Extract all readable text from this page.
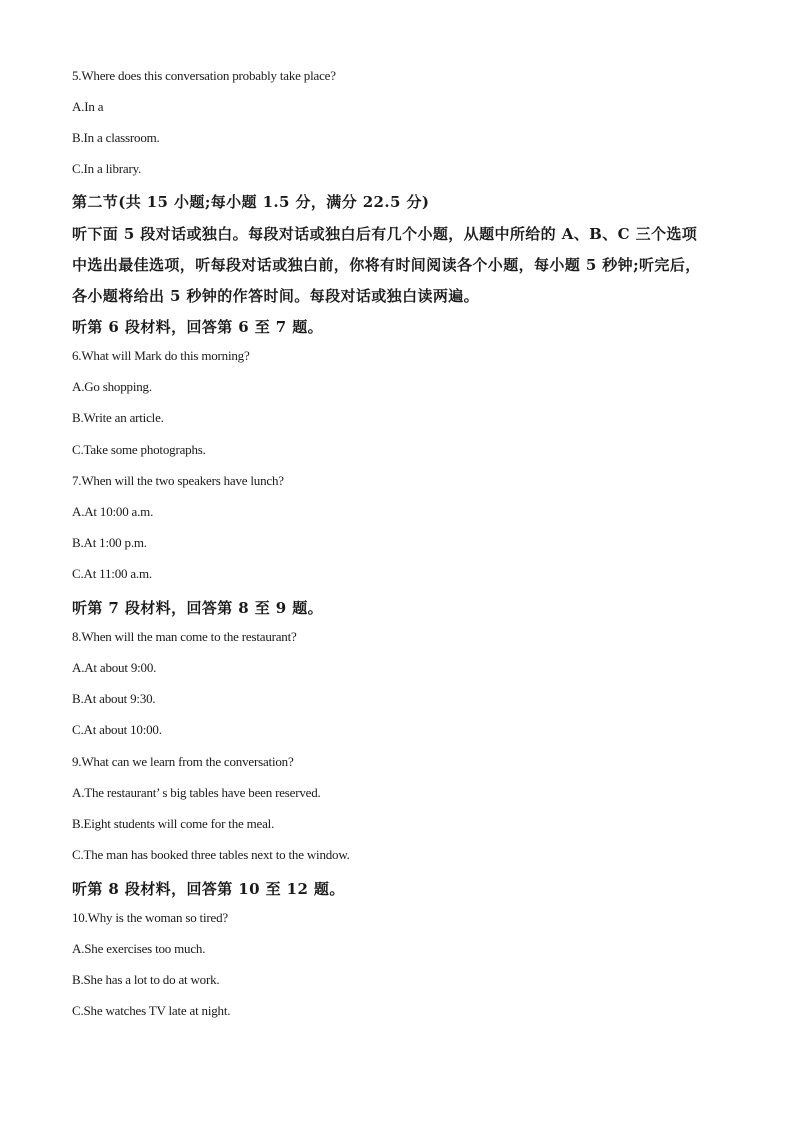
5.Where does this conversation probably take place?
A.In a
B.In a classroom.
C.In a library.
第二节(共 15 小题;每小题 1.5 分，满分 22.5 分)
听下面 5 段对话或独白。每段对话或独白后有几个小题，从题中所给的 A、B、C 三个选项
中选出最佳选项，听每段对话或独白前，你将有时间阅读各个小题，每小题 5 秒钟;听完后，
各小题将给出 5 秒钟的作答时间。每段对话或独白读两遍。
听第 6 段材料，回答第 6 至 7 题。
6.What will Mark do this morning?
A.Go shopping.
B.Write an article.
C.Take some photographs.
7.When will the two speakers have lunch?
A.At 10:00 a.m.
B.At 1:00 p.m.
C.At 11:00 a.m.
听第 7 段材料，回答第 8 至 9 题。
8.When will the man come to the restaurant?
A.At about 9:00.
B.At about 9:30.
C.At about 10:00.
9.What can we learn from the conversation?
A.The restaurant’ s big tables have been reserved.
B.Eight students will come for the meal.
C.The man has booked three tables next to the window.
听第 8 段材料，回答第 10 至 12 题。
10.Why is the woman so tired?
A.She exercises too much.
B.She has a lot to do at work.
C.She watches TV late at night.
